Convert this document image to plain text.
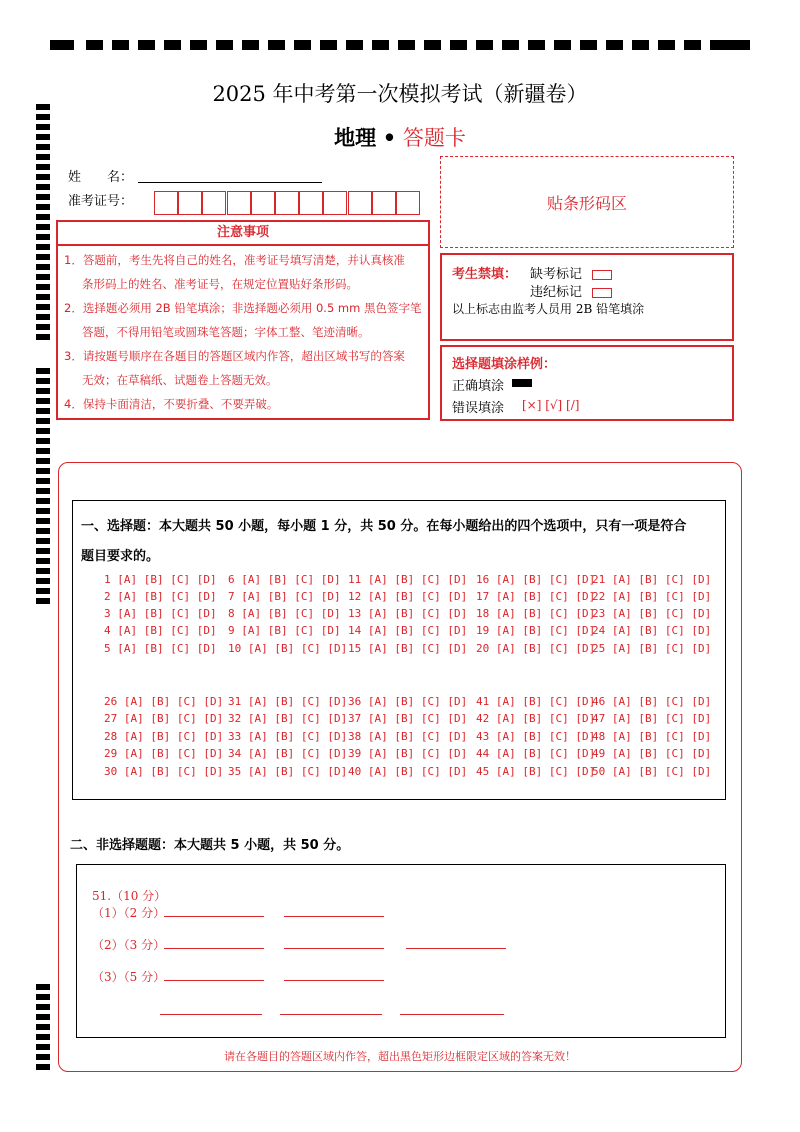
2025 年中考第一次模拟考试（新疆卷）
地理 • 答题卡
姓　　名：
准考证号：	贴条形码区
注意事项
1．答题前，考生先将自己的姓名，准考证号填写清楚，并认真核准
条形码上的姓名、准考证号，在规定位置贴好条形码。
2．选择题必须用 2B 铅笔填涂；非选择题必须用 0.5 mm 黑色签字笔
答题，不得用铅笔或圆珠笔答题；字体工整、笔迹清晰。
3．请按题号顺序在各题目的答题区域内作答，超出区域书写的答案
无效；在草稿纸、试题卷上答题无效。
4．保持卡面清洁，不要折叠、不要弄破。
考生禁填： 缺考标记
违纪标记
以上标志由监考人员用 2B 铅笔填涂
选择题填涂样例：
正确填涂
错误填涂 [×] [√] [/]
一、选择题：本大题共 50 小题，每小题 1 分，共 50 分。在每小题给出的四个选项中，只有一项是符合
题目要求的。
1 [A] [B] [C] [D]
2 [A] [B] [C] [D]
3 [A] [B] [C] [D]
4 [A] [B] [C] [D]
5 [A] [B] [C] [D]
6 [A] [B] [C] [D]
7 [A] [B] [C] [D]
8 [A] [B] [C] [D]
9 [A] [B] [C] [D]
10 [A] [B] [C] [D]
11 [A] [B] [C] [D]
12 [A] [B] [C] [D]
13 [A] [B] [C] [D]
14 [A] [B] [C] [D]
15 [A] [B] [C] [D]
16 [A] [B] [C] [D]
17 [A] [B] [C] [D]
18 [A] [B] [C] [D]
19 [A] [B] [C] [D]
20 [A] [B] [C] [D]
21 [A] [B] [C] [D]
22 [A] [B] [C] [D]
23 [A] [B] [C] [D]
24 [A] [B] [C] [D]
25 [A] [B] [C] [D]
26 [A] [B] [C] [D]
27 [A] [B] [C] [D]
28 [A] [B] [C] [D]
29 [A] [B] [C] [D]
30 [A] [B] [C] [D]
31 [A] [B] [C] [D]
32 [A] [B] [C] [D]
33 [A] [B] [C] [D]
34 [A] [B] [C] [D]
35 [A] [B] [C] [D]
36 [A] [B] [C] [D]
37 [A] [B] [C] [D]
38 [A] [B] [C] [D]
39 [A] [B] [C] [D]
40 [A] [B] [C] [D]
41 [A] [B] [C] [D]
42 [A] [B] [C] [D]
43 [A] [B] [C] [D]
44 [A] [B] [C] [D]
45 [A] [B] [C] [D]
46 [A] [B] [C] [D]
47 [A] [B] [C] [D]
48 [A] [B] [C] [D]
49 [A] [B] [C] [D]
50 [A] [B] [C] [D]
二、非选择题题：本大题共 5 小题，共 50 分。
51.（10 分）
（1）（2 分）
（2）（3 分）
（3）（5 分）
请在各题目的答题区域内作答，超出黑色矩形边框限定区域的答案无效！
